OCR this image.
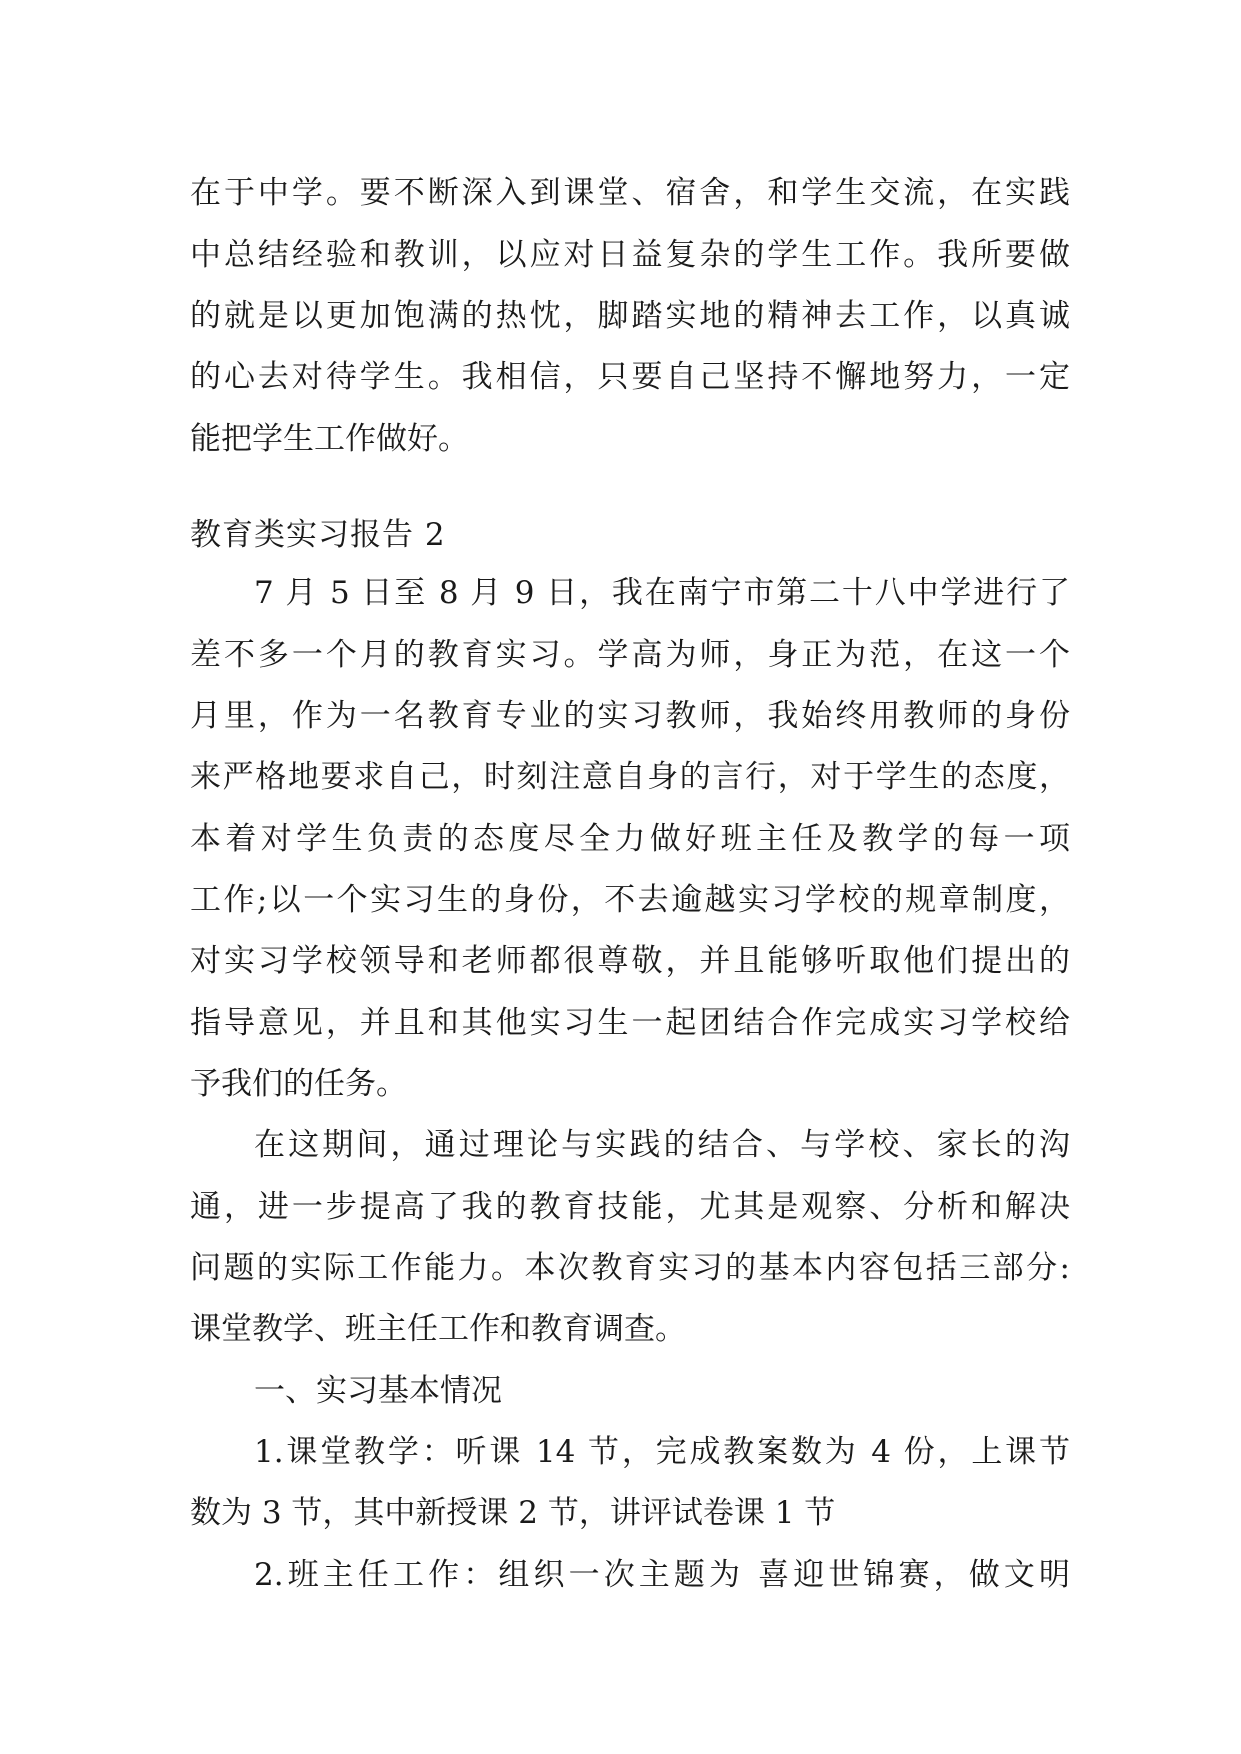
在于中学。要不断深入到课堂、宿舍，和学生交流，在实践
中总结经验和教训，以应对日益复杂的学生工作。我所要做
的就是以更加饱满的热忱，脚踏实地的精神去工作，以真诚
的心去对待学生。我相信，只要自己坚持不懈地努力，一定
能把学生工作做好。
教育类实习报告 2
7 月 5 日至 8 月 9 日，我在南宁市第二十八中学进行了
差不多一个月的教育实习。学高为师，身正为范，在这一个
月里，作为一名教育专业的实习教师，我始终用教师的身份
来严格地要求自己，时刻注意自身的言行，对于学生的态度，
本着对学生负责的态度尽全力做好班主任及教学的每一项
工作;以一个实习生的身份，不去逾越实习学校的规章制度，
对实习学校领导和老师都很尊敬，并且能够听取他们提出的
指导意见，并且和其他实习生一起团结合作完成实习学校给
予我们的任务。
在这期间，通过理论与实践的结合、与学校、家长的沟
通，进一步提高了我的教育技能，尤其是观察、分析和解决
问题的实际工作能力。本次教育实习的基本内容包括三部分:
课堂教学、班主任工作和教育调查。
一、实习基本情况
1.课堂教学：听课 14 节，完成教案数为 4 份，上课节
数为 3 节，其中新授课 2 节，讲评试卷课 1 节
2.班主任工作：组织一次主题为 喜迎世锦赛，做文明
